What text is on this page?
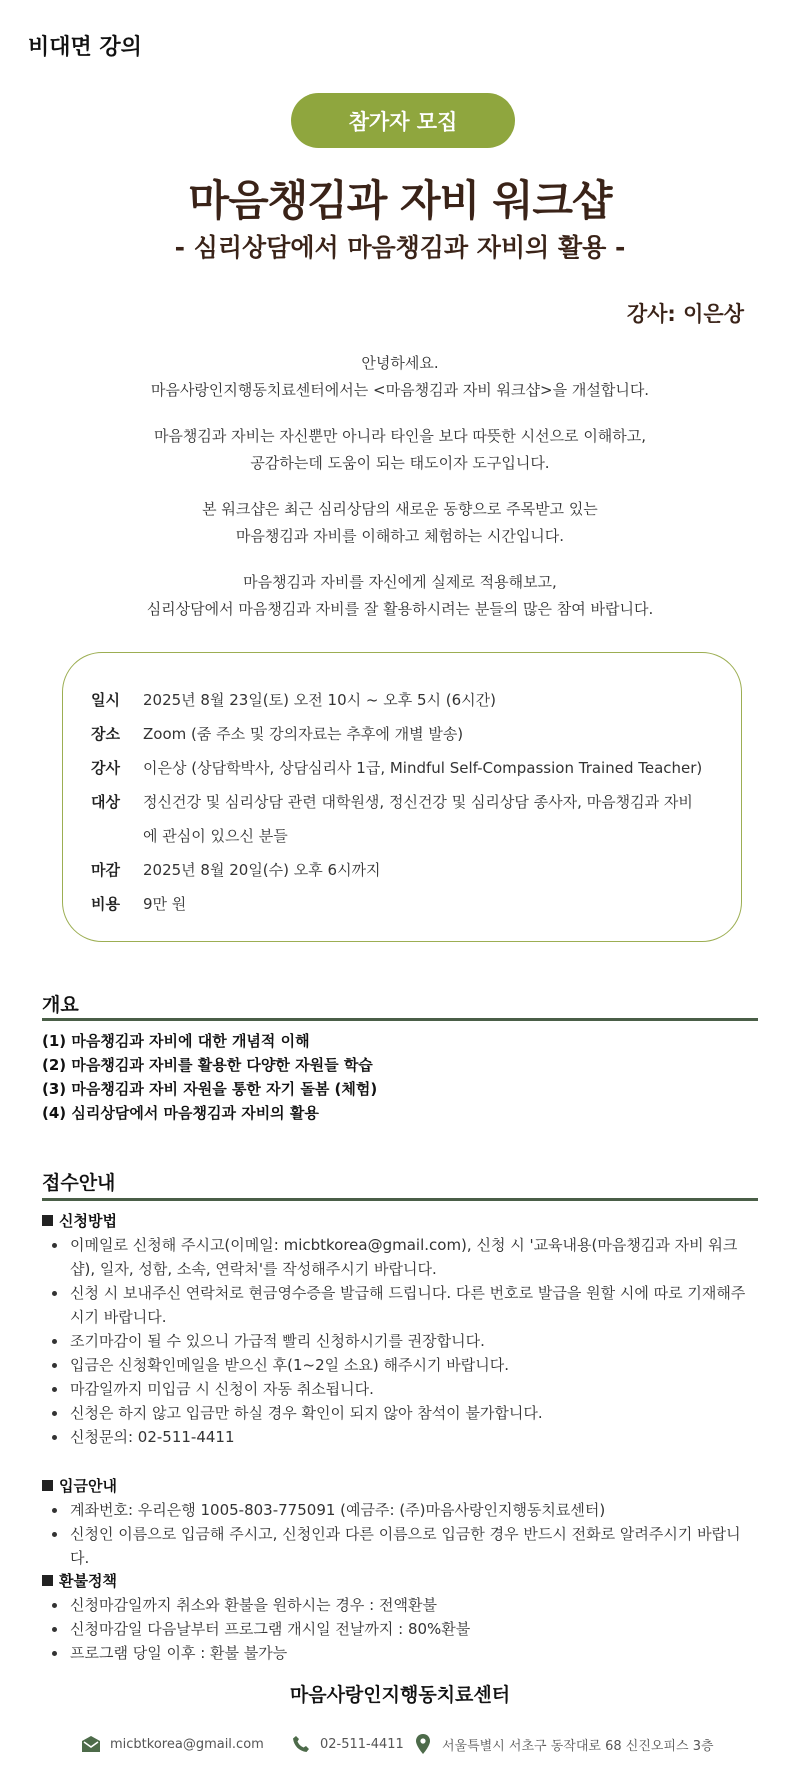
비대면 강의
참가자 모집
마음챙김과 자비 워크샵
- 심리상담에서 마음챙김과 자비의 활용 -
강사: 이은상

안녕하세요.
마음사랑인지행동치료센터에서는 <마음챙김과 자비 워크샵>을 개설합니다.

마음챙김과 자비는 자신뿐만 아니라 타인을 보다 따뜻한 시선으로 이해하고,
공감하는데 도움이 되는 태도이자 도구입니다.

본 워크샵은 최근 심리상담의 새로운 동향으로 주목받고 있는
마음챙김과 자비를 이해하고 체험하는 시간입니다.

마음챙김과 자비를 자신에게 실제로 적용해보고,
심리상담에서 마음챙김과 자비를 잘 활용하시려는 분들의 많은 참여 바랍니다.

일시	2025년 8월 23일(토) 오전 10시 ~ 오후 5시 (6시간)
장소	Zoom (줌 주소 및 강의자료는 추후에 개별 발송)
강사	이은상 (상담학박사, 상담심리사 1급, Mindful Self-Compassion Trained Teacher)
대상	정신건강 및 심리상담 관련 대학원생, 정신건강 및 심리상담 종사자, 마음챙김과 자비에 관심이 있으신 분들
마감	2025년 8월 20일(수) 오후 6시까지
비용	9만 원
개요
(1) 마음챙김과 자비에 대한 개념적 이해
(2) 마음챙김과 자비를 활용한 다양한 자원들 학습
(3) 마음챙김과 자비 자원을 통한 자기 돌봄 (체험)
(4) 심리상담에서 마음챙김과 자비의 활용
접수안내
신청방법
이메일로 신청해 주시고(이메일: micbtkorea@gmail.com), 신청 시 '교육내용(마음챙김과 자비 워크샵), 일자, 성함, 소속, 연락처'를 작성해주시기 바랍니다.
신청 시 보내주신 연락처로 현금영수증을 발급해 드립니다. 다른 번호로 발급을 원할 시에 따로 기재해주시기 바랍니다.
조기마감이 될 수 있으니 가급적 빨리 신청하시기를 권장합니다.
입금은 신청확인메일을 받으신 후(1~2일 소요) 해주시기 바랍니다.
마감일까지 미입금 시 신청이 자동 취소됩니다.
신청은 하지 않고 입금만 하실 경우 확인이 되지 않아 참석이 불가합니다.
신청문의: 02-511-4411
입금안내
계좌번호: 우리은행 1005-803-775091 (예금주: (주)마음사랑인지행동치료센터)
신청인 이름으로 입금해 주시고, 신청인과 다른 이름으로 입금한 경우 반드시 전화로 알려주시기 바랍니다.
환불정책
신청마감일까지 취소와 환불을 원하시는 경우 : 전액환불
신청마감일 다음날부터 프로그램 개시일 전날까지 : 80%환불
프로그램 당일 이후 : 환불 불가능
마음사랑인지행동치료센터
micbtkorea@gmail.com	02-511-4411	서울특별시 서초구 동작대로 68 신진오피스 3층
